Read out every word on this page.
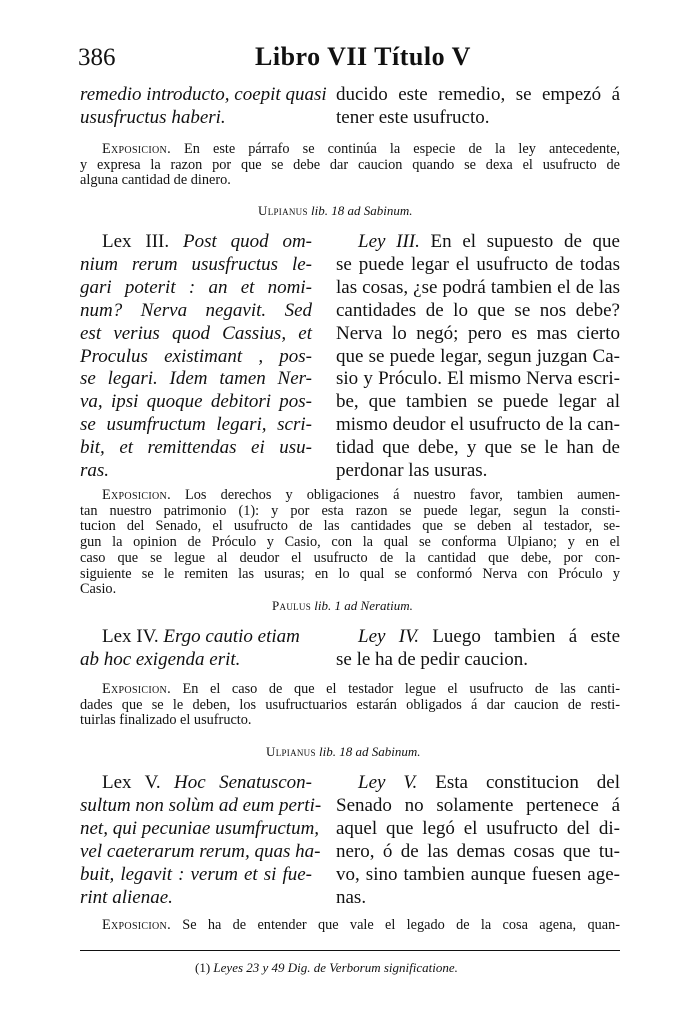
386	Libro VII Título V
remedio introducto, coepit quasi
ususfructus haberi.
ducido este remedio, se empezó á
tener este usufructo.
Exposicion. En este párrafo se continúa la especie de la ley antecedente,
y expresa la razon por que se debe dar caucion quando se dexa el usufructo de
alguna cantidad de dinero.
Ulpianus lib. 18 ad Sabinum.
Lex III. Post quod om-
nium rerum ususfructus le-
gari poterit : an et nomi-
num? Nerva negavit. Sed
est verius quod Cassius, et
Proculus existimant , pos-
se legari. Idem tamen Ner-
va, ipsi quoque debitori pos-
se usumfructum legari, scri-
bit, et remittendas ei usu-
ras.
Ley III. En el supuesto de que
se puede legar el usufructo de todas
las cosas, ¿se podrá tambien el de las
cantidades de lo que se nos debe?
Nerva lo negó; pero es mas cierto
que se puede legar, segun juzgan Ca-
sio y Próculo. El mismo Nerva escri-
be, que tambien se puede legar al
mismo deudor el usufructo de la can-
tidad que debe, y que se le han de
perdonar las usuras.
Exposicion. Los derechos y obligaciones á nuestro favor, tambien aumen-
tan nuestro patrimonio (1): y por esta razon se puede legar, segun la consti-
tucion del Senado, el usufructo de las cantidades que se deben al testador, se-
gun la opinion de Próculo y Casio, con la qual se conforma Ulpiano; y en el
caso que se legue al deudor el usufructo de la cantidad que debe, por con-
siguiente se le remiten las usuras; en lo qual se conformó Nerva con Próculo y
Casio.
Paulus lib. 1 ad Neratium.
Lex IV. Ergo cautio etiam
ab hoc exigenda erit.
Ley IV. Luego tambien á este
se le ha de pedir caucion.
Exposicion. En el caso de que el testador legue el usufructo de las canti-
dades que se le deben, los usufructuarios estarán obligados á dar caucion de resti-
tuirlas finalizado el usufructo.
Ulpianus lib. 18 ad Sabinum.
Lex V. Hoc Senatuscon-
sultum non solùm ad eum perti-
net, qui pecuniae usumfructum,
vel caeterarum rerum, quas ha-
buit, legavit : verum et si fue-
rint alienae.
Ley V. Esta constitucion del
Senado no solamente pertenece á
aquel que legó el usufructo del di-
nero, ó de las demas cosas que tu-
vo, sino tambien aunque fuesen age-
nas.
Exposicion. Se ha de entender que vale el legado de la cosa agena, quan-
(1) Leyes 23 y 49 Dig. de Verborum significatione.
